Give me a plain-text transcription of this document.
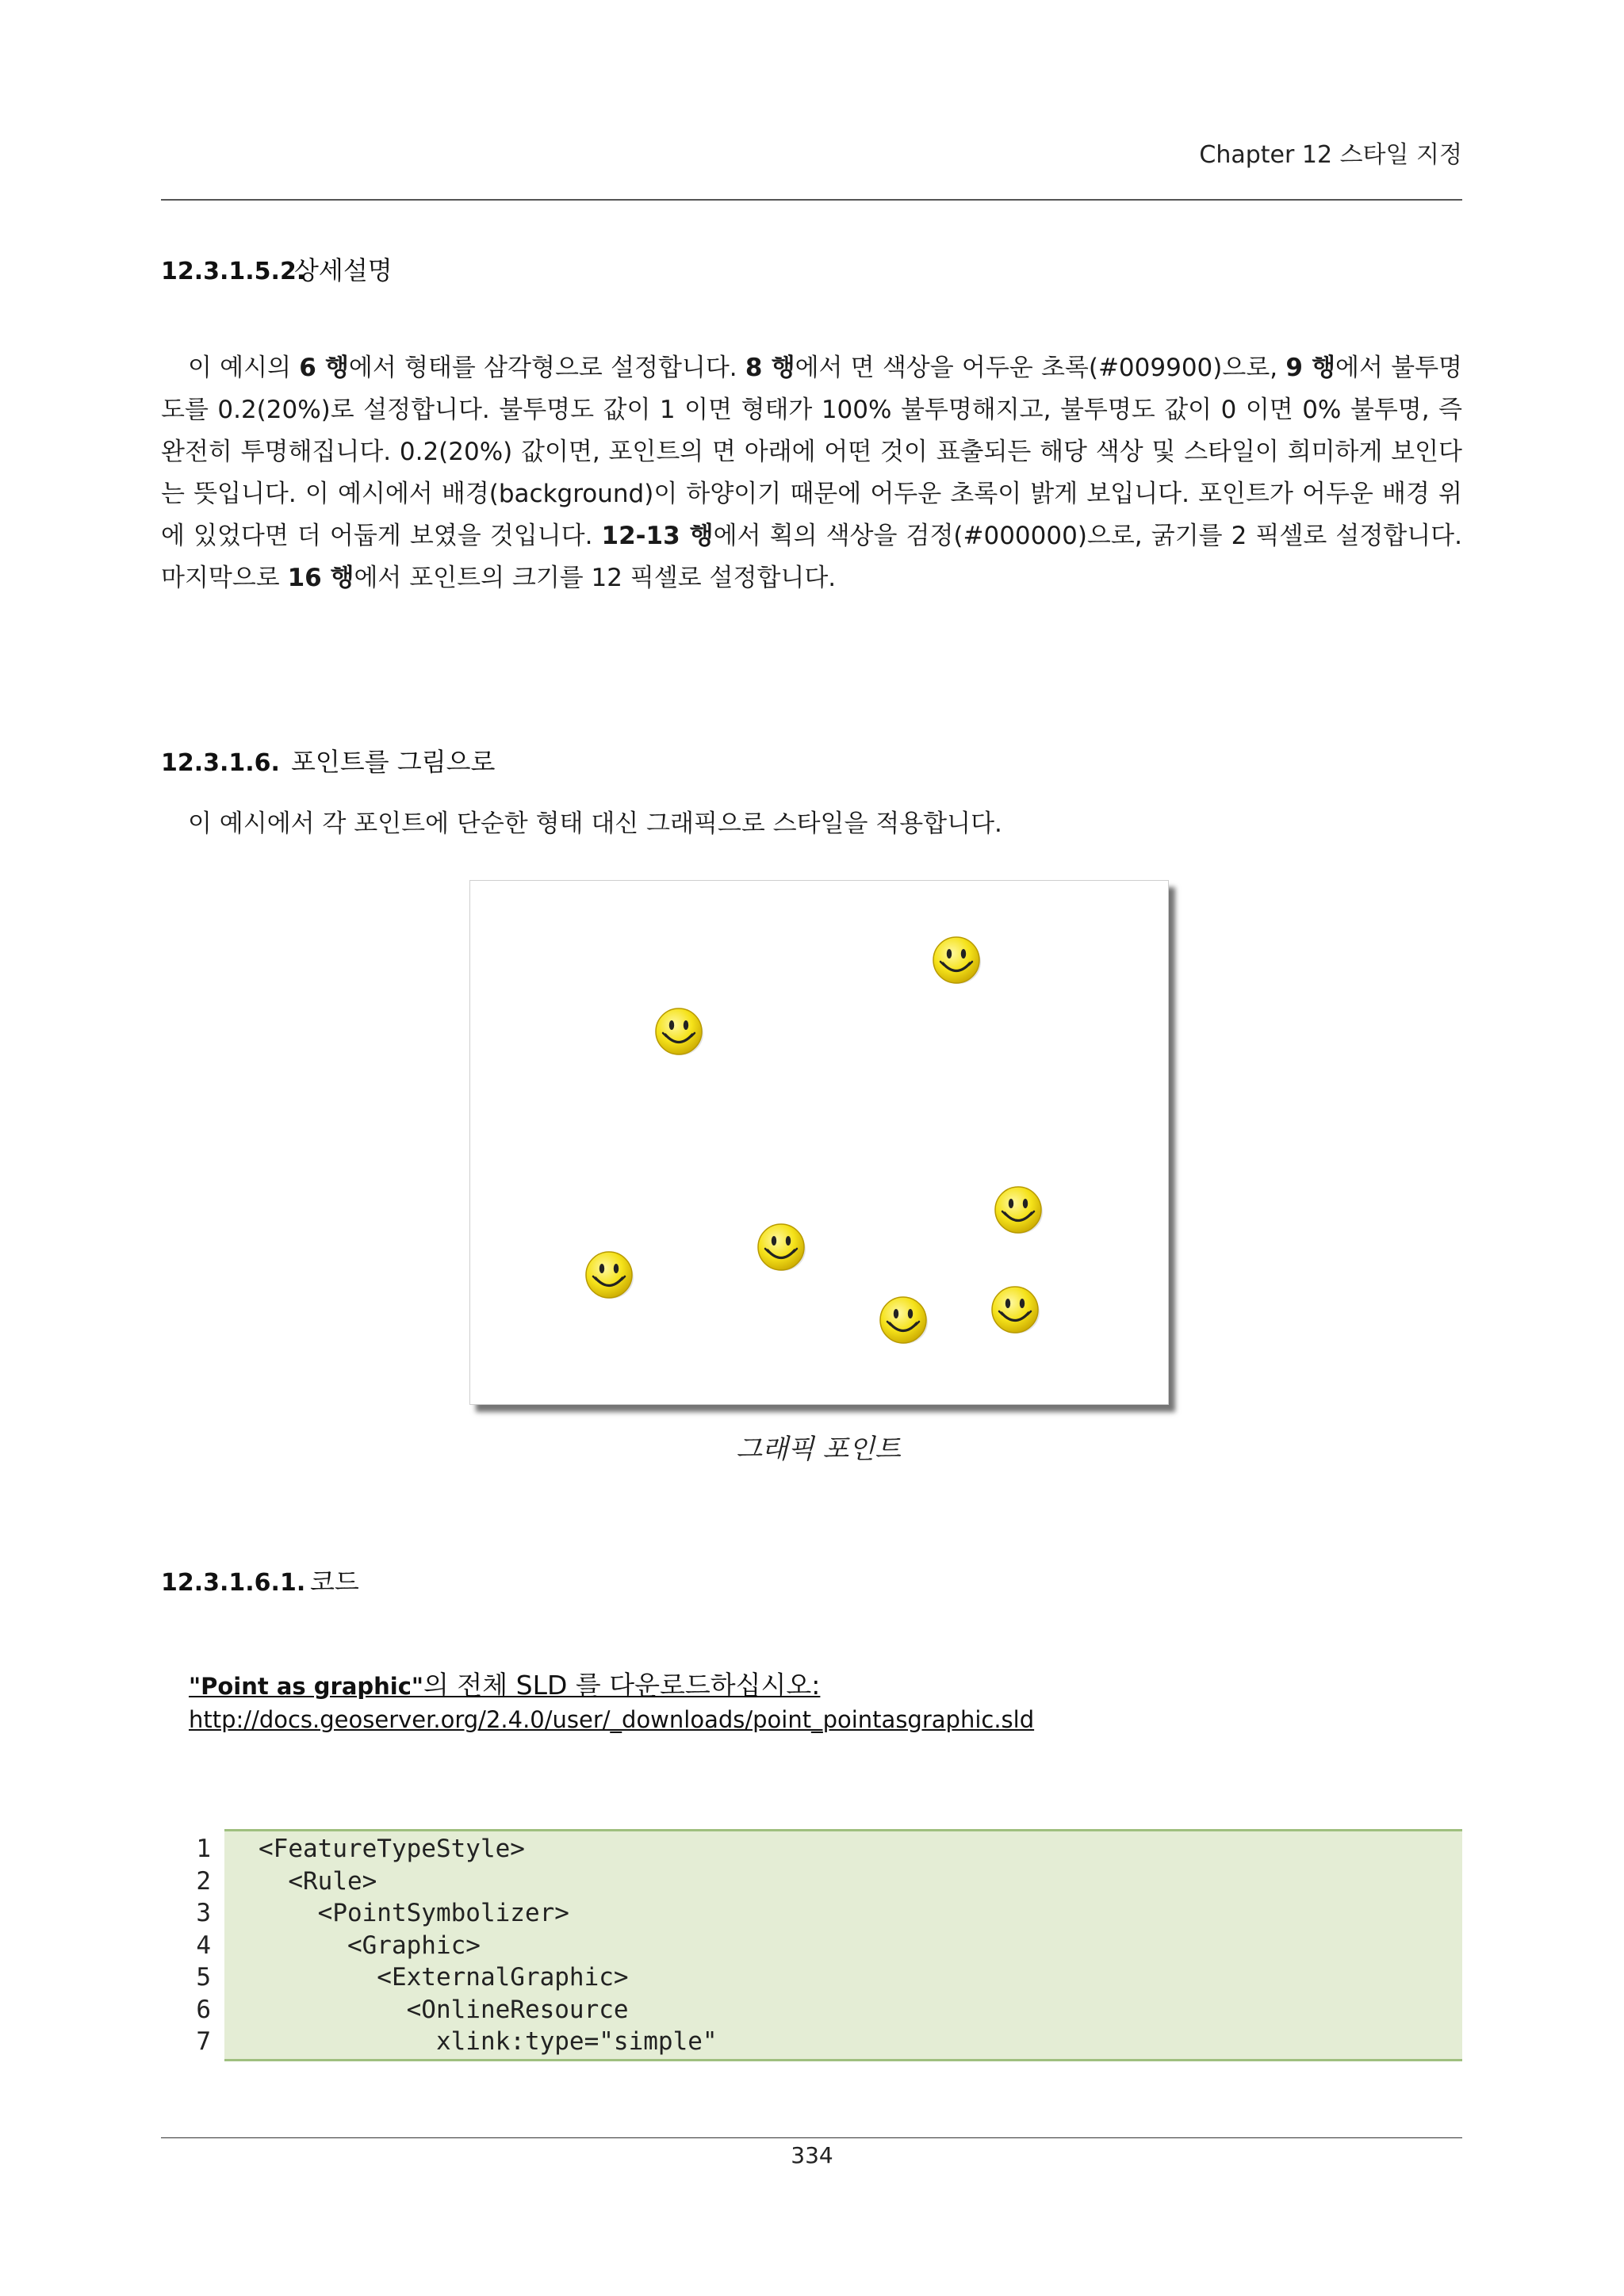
Chapter 12 스타일 지정
12.3.1.5.2.상세설명

이 예시의 6 행에서 형태를 삼각형으로 설정합니다. 8 행에서 면 색상을 어두운 초록(#009900)으로, 9 행에서 불투명도를 0.2(20%)로 설정합니다. 불투명도 값이 1 이면 형태가 100% 불투명해지고, 불투명도 값이 0 이면 0% 불투명, 즉 완전히 투명해집니다. 0.2(20%) 값이면, 포인트의 면 아래에 어떤 것이 표출되든 해당 색상 및 스타일이 희미하게 보인다는 뜻입니다. 이 예시에서 배경(background)이 하양이기 때문에 어두운 초록이 밝게 보입니다. 포인트가 어두운 배경 위에 있었다면 더 어둡게 보였을 것입니다. 12-13 행에서 획의 색상을 검정(#000000)으로, 굵기를 2 픽셀로 설정합니다. 마지막으로 16 행에서 포인트의 크기를 12 픽셀로 설정합니다.

12.3.1.6. 포인트를 그림으로

이 예시에서 각 포인트에 단순한 형태 대신 그래픽으로 스타일을 적용합니다.

그래픽 포인트
12.3.1.6.1. 코드
"Point as graphic"의 전체 SLD 를 다운로드하십시오:
http://docs.geoserver.org/2.4.0/user/_downloads/point_pointasgraphic.sld
1 <FeatureTypeStyle>
2 <Rule>
3 <PointSymbolizer>
4 <Graphic>
5 <ExternalGraphic>
6 <OnlineResource
7 xlink:type="simple"
334
